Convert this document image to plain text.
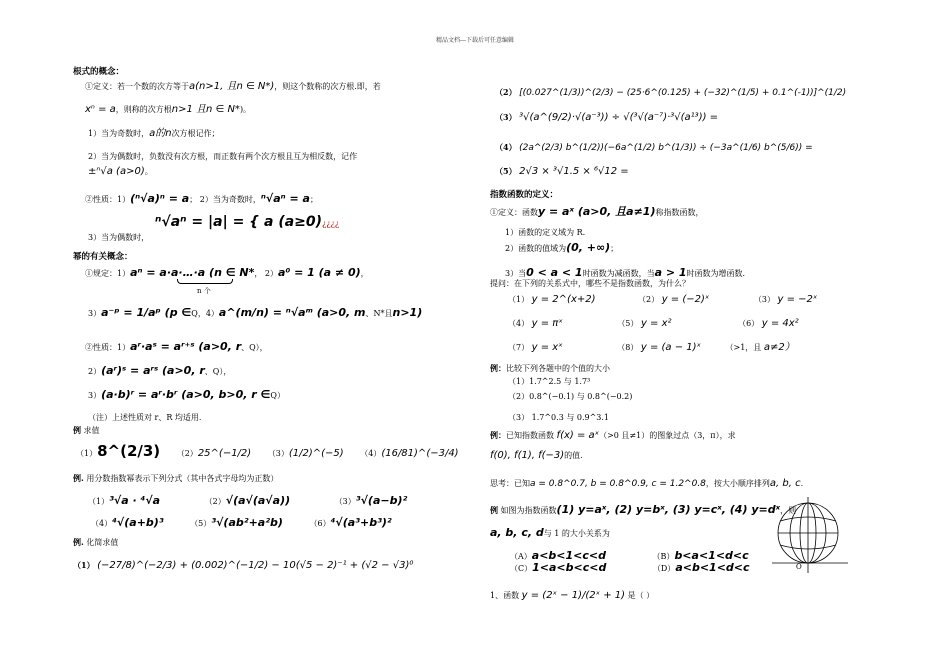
精品文档---下载后可任意编辑
根式的概念：
①定义：若一个数的次方等于a(n>1, 且n ∈ N*)，则这个数称的次方根.即，若
xⁿ = a，则称的次方根n>1 且n ∈ N*)。
1）当为奇数时，a的n次方根记作；
2）当为偶数时，负数没有次方根，而正数有两个次方根且互为相反数，记作
±ⁿ√a (a>0)。
②性质：1）(ⁿ√a)ⁿ = a； 2）当为奇数时，ⁿ√aⁿ = a；
ⁿ√aⁿ = |a| = { a (a≥0)¿¿¿¿
3）当为偶数时，
幂的有关概念：
①规定：1）aⁿ = a·a·…·a (n ∈ N*， 2）a⁰ = 1 (a ≠ 0)，
n 个
3）a⁻ᵖ = 1/aᵖ (p ∈Q，4）a^(m/n) = ⁿ√aᵐ (a>0, m、N*且n>1)
②性质：1）aʳ·aˢ = aʳ⁺ˢ (a>0, r、Q），
2）(aʳ)ˢ = aʳˢ (a>0, r、Q），
3）(a·b)ʳ = aʳ·bʳ (a>0, b>0, r ∈Q）
（注）上述性质对 r、R 均适用.
例 求值
（1）8^(2/3) （2）25^(−1/2) （3）(1/2)^(−5) （4）(16/81)^(−3/4)
例. 用分数指数幂表示下列分式（其中各式字母均为正数）
（1）³√a · ⁴√a	（2）√(a√(a√a))	（3）³√(a−b)²
（4）⁴√(a+b)³	（5）³√(ab²+a²b)	（6）⁴√(a³+b³)²
例. 化简求值
（1） (−27/8)^(−2/3) + (0.002)^(−1/2) − 10(√5 − 2)⁻¹ + (√2 − √3)⁰
（2） [(0.027^(1/3))^(2/3) − (25·6^(0.125) + (−32)^(1/5) + 0.1^(-1))]^(1/2)
（3） ³√(a^(9/2)·√(a⁻³)) ÷ √(³√(a⁻⁷)·³√(a¹³)) =
（4） (2a^(2/3) b^(1/2))(−6a^(1/2) b^(1/3)) ÷ (−3a^(1/6) b^(5/6)) =
（5） 2√3 × ³√1.5 × ⁶√12 =
指数函数的定义：
①定义：函数y = aˣ (a>0, 且a≠1)称指数函数，
1）函数的定义域为 R.
2）函数的值域为(0, +∞)；
3）当0 < a < 1时函数为减函数，当a > 1时函数为增函数.
提问：在下列的关系式中，哪些不是指数函数，为什么？
（1） y = 2^(x+2)	（2） y = (−2)ˣ	（3） y = −2ˣ
（4） y = πˣ	（5） y = x²	（6） y = 4x²
（7） y = xˣ	（8） y = (a − 1)ˣ	（>1，且 a≠2）
例：比较下列各题中的个值的大小
（1）1.7^2.5 与 1.7³
（2）0.8^(−0.1) 与 0.8^(−0.2)
（3） 1.7^0.3 与 0.9^3.1
例：已知指数函数 f(x) = aˣ（>0 且≠1）的图象过点（3，π），求
f(0), f(1), f(−3)的值.
思考：已知a = 0.8^0.7, b = 0.8^0.9, c = 1.2^0.8，按大小顺序排列a, b, c.
例 如图为指数函数(1) y=aˣ, (2) y=bˣ, (3) y=cˣ, (4) y=dˣ，则
a, b, c, d与 1 的大小关系为
（A）a<b<1<c<d	（B）b<a<1<d<c
（C）1<a<b<c<d	（D）a<b<1<d<c
1、函数 y = (2ˣ − 1)/(2ˣ + 1) 是（ ）
O
